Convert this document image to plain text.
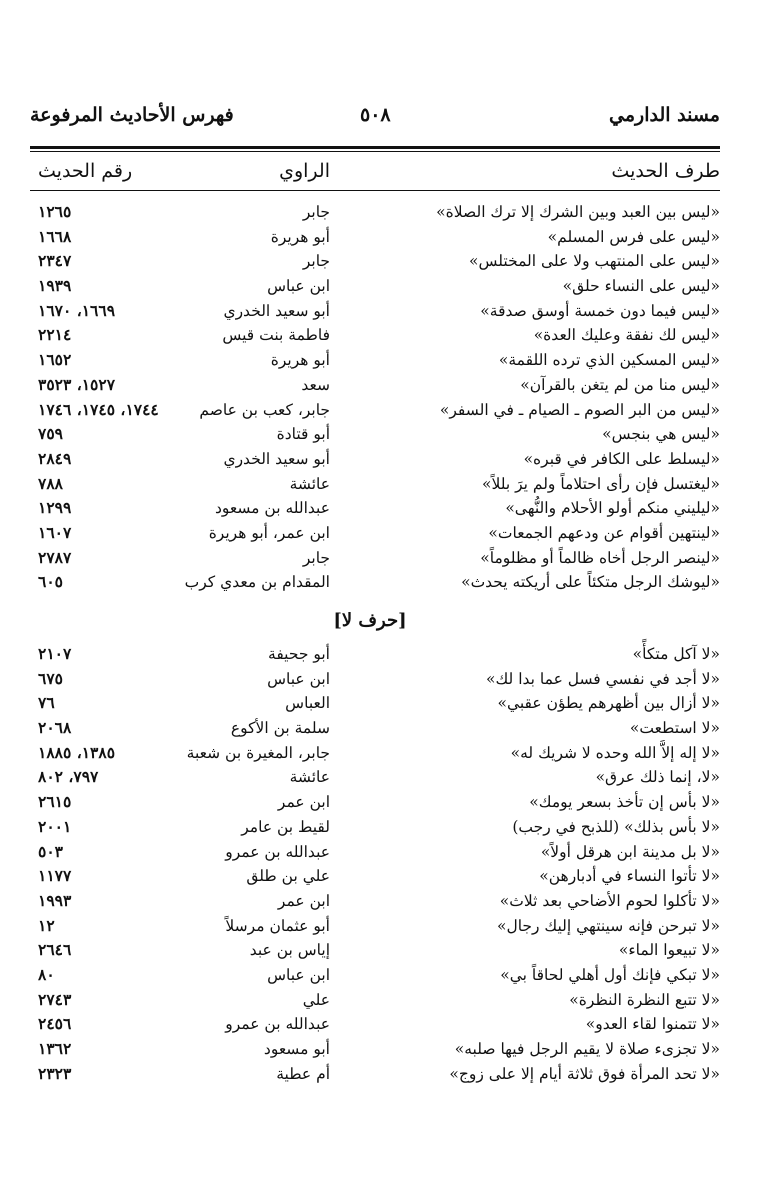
مسند الدارمي
٥٠٨
فهرس الأحاديث المرفوعة
طرف الحديث
الراوي
رقم الحديث
«ليس بين العبد وبين الشرك إلا ترك الصلاة»
جابر
١٢٦٥
«ليس على فرس المسلم»
أبو هريرة
١٦٦٨
«ليس على المنتهب ولا على المختلس»
جابر
٢٣٤٧
«ليس على النساء حلق»
ابن عباس
١٩٣٩
«ليس فيما دون خمسة أوسق صدقة»
أبو سعيد الخدري
١٦٦٩، ١٦٧٠
«ليس لك نفقة وعليك العدة»
فاطمة بنت قيس
٢٢١٤
«ليس المسكين الذي ترده اللقمة»
أبو هريرة
١٦٥٢
«ليس منا من لم يتغن بالقرآن»
سعد
١٥٢٧، ٣٥٢٣
«ليس من البر الصوم ـ الصيام ـ في السفر»
جابر، كعب بن عاصم
١٧٤٤، ١٧٤٥، ١٧٤٦
«ليس هي بنجس»
أبو قتادة
٧٥٩
«ليسلط على الكافر في قبره»
أبو سعيد الخدري
٢٨٤٩
«ليغتسل فإن رأى احتلاماً ولم يرَ بللاً»
عائشة
٧٨٨
«ليليني منكم أولو الأحلام والنُّهى»
عبدالله بن مسعود
١٢٩٩
«لينتهين أقوام عن ودعهم الجمعات»
ابن عمر، أبو هريرة
١٦٠٧
«لينصر الرجل أخاه ظالماً أو مظلوماً»
جابر
٢٧٨٧
«ليوشك الرجل متكئاً على أريكته يحدث»
المقدام بن معدي كرب
٦٠٥
[حرف لا]
«لا آكل متكأً»
أبو جحيفة
٢١٠٧
«لا أجد في نفسي فسل عما بدا لك»
ابن عباس
٦٧٥
«لا أزال بين أظهرهم يطؤن عقبي»
العباس
٧٦
«لا استطعت»
سلمة بن الأكوع
٢٠٦٨
«لا إله إلاَّ الله وحده لا شريك له»
جابر، المغيرة بن شعبة
١٣٨٥، ١٨٨٥
«لا، إنما ذلك عرق»
عائشة
٧٩٧، ٨٠٢
«لا بأس إن تأخذ بسعر يومك»
ابن عمر
٢٦١٥
«لا بأس بذلك» (للذبح في رجب)
لقيط بن عامر
٢٠٠١
«لا بل مدينة ابن هرقل أولاً»
عبدالله بن عمرو
٥٠٣
«لا تأتوا النساء في أدبارهن»
علي بن طلق
١١٧٧
«لا تأكلوا لحوم الأضاحي بعد ثلاث»
ابن عمر
١٩٩٣
«لا تبرحن فإنه سينتهي إليك رجال»
أبو عثمان مرسلاً
١٢
«لا تبيعوا الماء»
إياس بن عبد
٢٦٤٦
«لا تبكي فإنك أول أهلي لحاقاً بي»
ابن عباس
٨٠
«لا تتبع النظرة النظرة»
علي
٢٧٤٣
«لا تتمنوا لقاء العدو»
عبدالله بن عمرو
٢٤٥٦
«لا تجزىء صلاة لا يقيم الرجل فيها صلبه»
أبو مسعود
١٣٦٢
«لا تحد المرأة فوق ثلاثة أيام إلا على زوج»
أم عطية
٢٣٢٣
